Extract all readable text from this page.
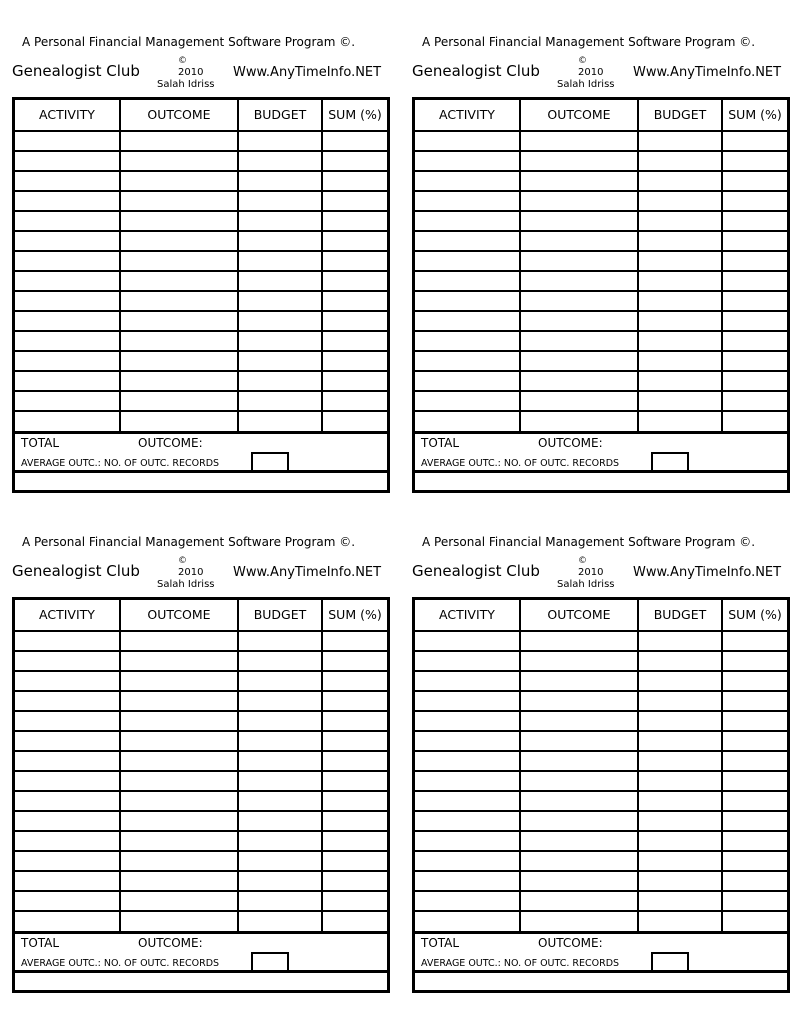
A Personal Financial Management Software Program ©.
Genealogist Club
©
2010
Salah Idriss
Www.AnyTimeInfo.NET
ACTIVITY	OUTCOME	BUDGET	SUM (%)
TOTAL	OUTCOME:
AVERAGE OUTC.: NO. OF OUTC. RECORDS
A Personal Financial Management Software Program ©.
Genealogist Club
©
2010
Salah Idriss
Www.AnyTimeInfo.NET
ACTIVITY	OUTCOME	BUDGET	SUM (%)
TOTAL	OUTCOME:
AVERAGE OUTC.: NO. OF OUTC. RECORDS
A Personal Financial Management Software Program ©.
Genealogist Club
©
2010
Salah Idriss
Www.AnyTimeInfo.NET
ACTIVITY	OUTCOME	BUDGET	SUM (%)
TOTAL	OUTCOME:
AVERAGE OUTC.: NO. OF OUTC. RECORDS
A Personal Financial Management Software Program ©.
Genealogist Club
©
2010
Salah Idriss
Www.AnyTimeInfo.NET
ACTIVITY	OUTCOME	BUDGET	SUM (%)
TOTAL	OUTCOME:
AVERAGE OUTC.: NO. OF OUTC. RECORDS
